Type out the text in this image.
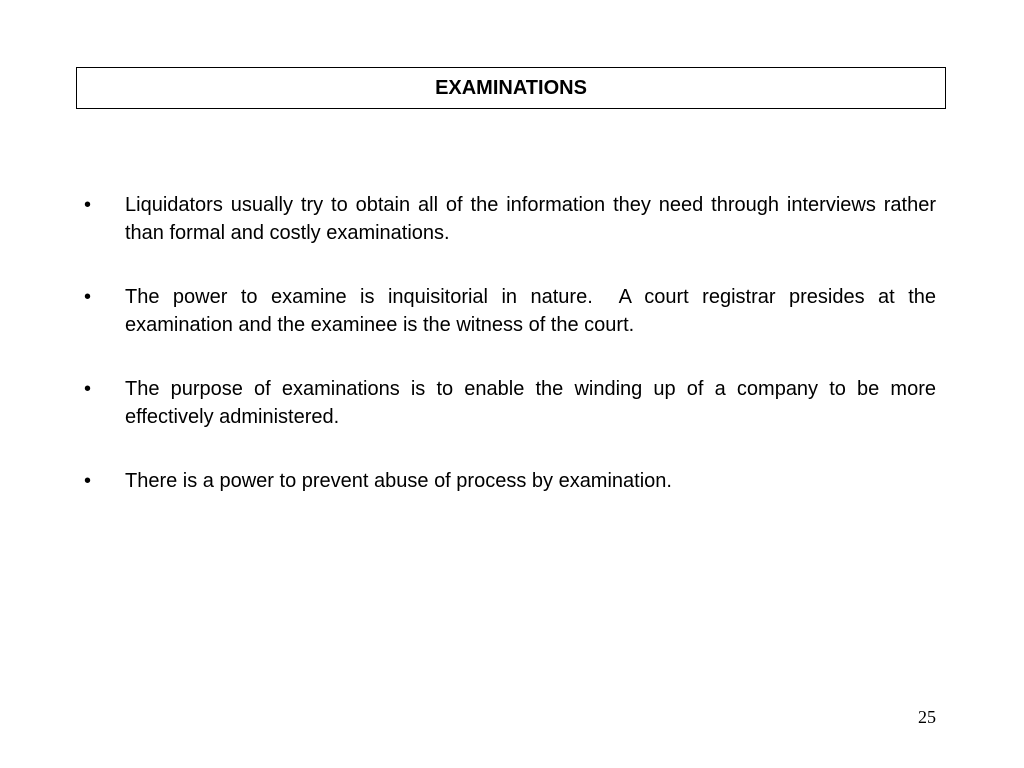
EXAMINATIONS
•	Liquidators usually try to obtain all of the information they need through interviews rather than formal and costly examinations.
•	The power to examine is inquisitorial in nature.  A court registrar presides at the examination and the examinee is the witness of the court.
•	The purpose of examinations is to enable the winding up of a company to be more effectively administered.
•	There is a power to prevent abuse of process by examination.
25
